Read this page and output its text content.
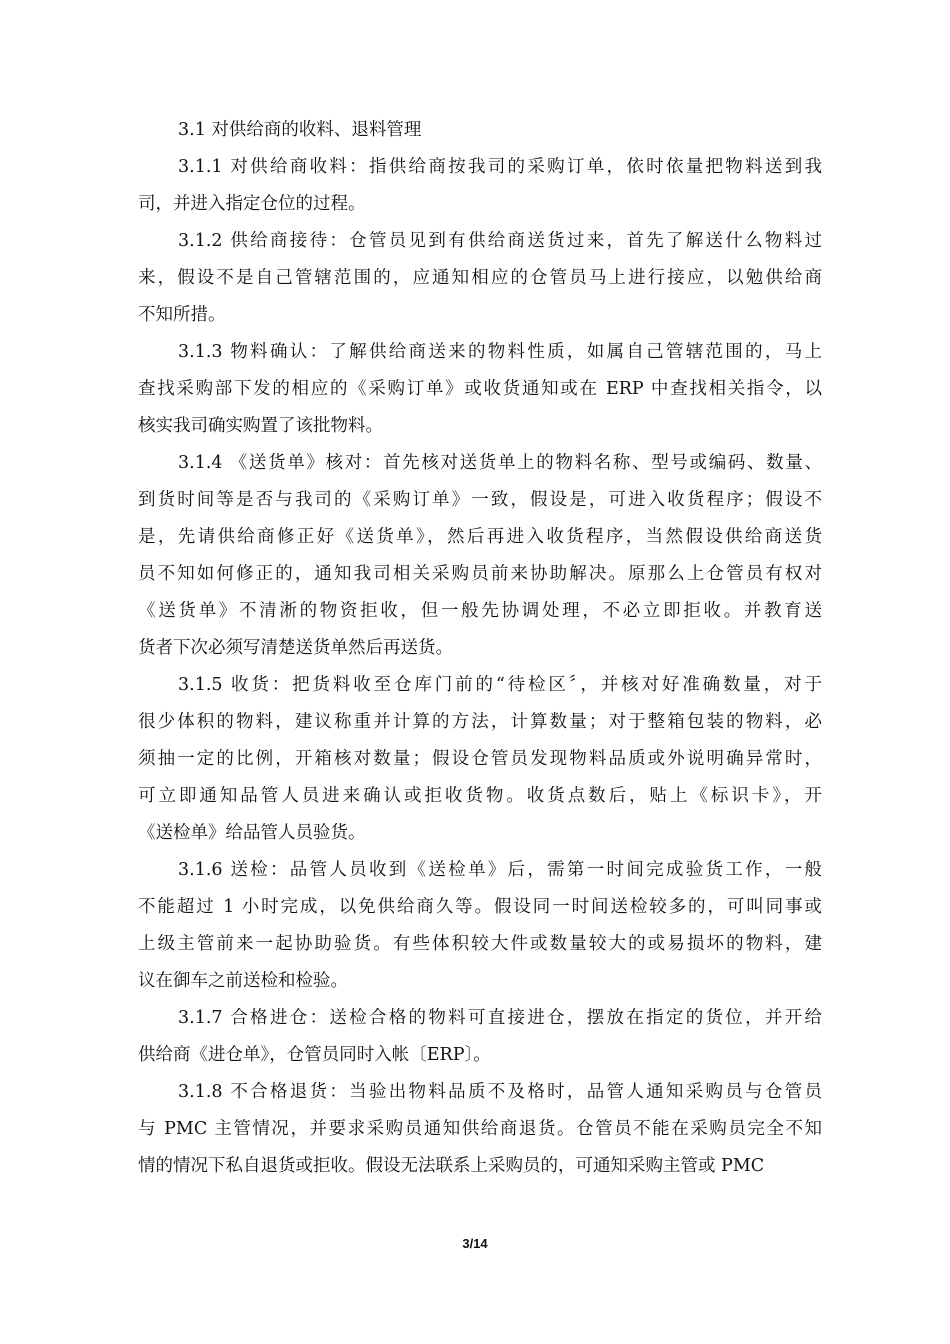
3.1 对供给商的收料、退料管理
3.1.1 对供给商收料：指供给商按我司的采购订单，依时依量把物料送到我
司，并进入指定仓位的过程。
3.1.2 供给商接待：仓管员见到有供给商送货过来，首先了解送什么物料过
来，假设不是自己管辖范围的，应通知相应的仓管员马上进行接应，以勉供给商
不知所措。
3.1.3 物料确认：了解供给商送来的物料性质，如属自己管辖范围的，马上
查找采购部下发的相应的《采购订单》或收货通知或在 ERP 中查找相关指令，以
核实我司确实购置了该批物料。
3.1.4 《送货单》核对：首先核对送货单上的物料名称、型号或编码、数量、
到货时间等是否与我司的《采购订单》一致，假设是，可进入收货程序；假设不
是，先请供给商修正好《送货单》，然后再进入收货程序，当然假设供给商送货
员不知如何修正的，通知我司相关采购员前来协助解决。原那么上仓管员有权对
《送货单》不清淅的物资拒收，但一般先协调处理，不必立即拒收。并教育送
货者下次必须写清楚送货单然后再送货。
3.1.5 收货：把货料收至仓库门前的“待检区〞，并核对好准确数量，对于
很少体积的物料，建议称重并计算的方法，计算数量；对于整箱包装的物料，必
须抽一定的比例，开箱核对数量；假设仓管员发现物料品质或外说明确异常时，
可立即通知品管人员进来确认或拒收货物。收货点数后，贴上《标识卡》，开
《送检单》给品管人员验货。
3.1.6 送检：品管人员收到《送检单》后，需第一时间完成验货工作，一般
不能超过 1 小时完成，以免供给商久等。假设同一时间送检较多的，可叫同事或
上级主管前来一起协助验货。有些体积较大件或数量较大的或易损坏的物料，建
议在御车之前送检和检验。
3.1.7 合格进仓：送检合格的物料可直接进仓，摆放在指定的货位，并开给
供给商《进仓单》，仓管员同时入帐〔ERP〕。
3.1.8 不合格退货：当验出物料品质不及格时，品管人通知采购员与仓管员
与 PMC 主管情况，并要求采购员通知供给商退货。仓管员不能在采购员完全不知
情的情况下私自退货或拒收。假设无法联系上采购员的，可通知采购主管或 PMC
3/14
